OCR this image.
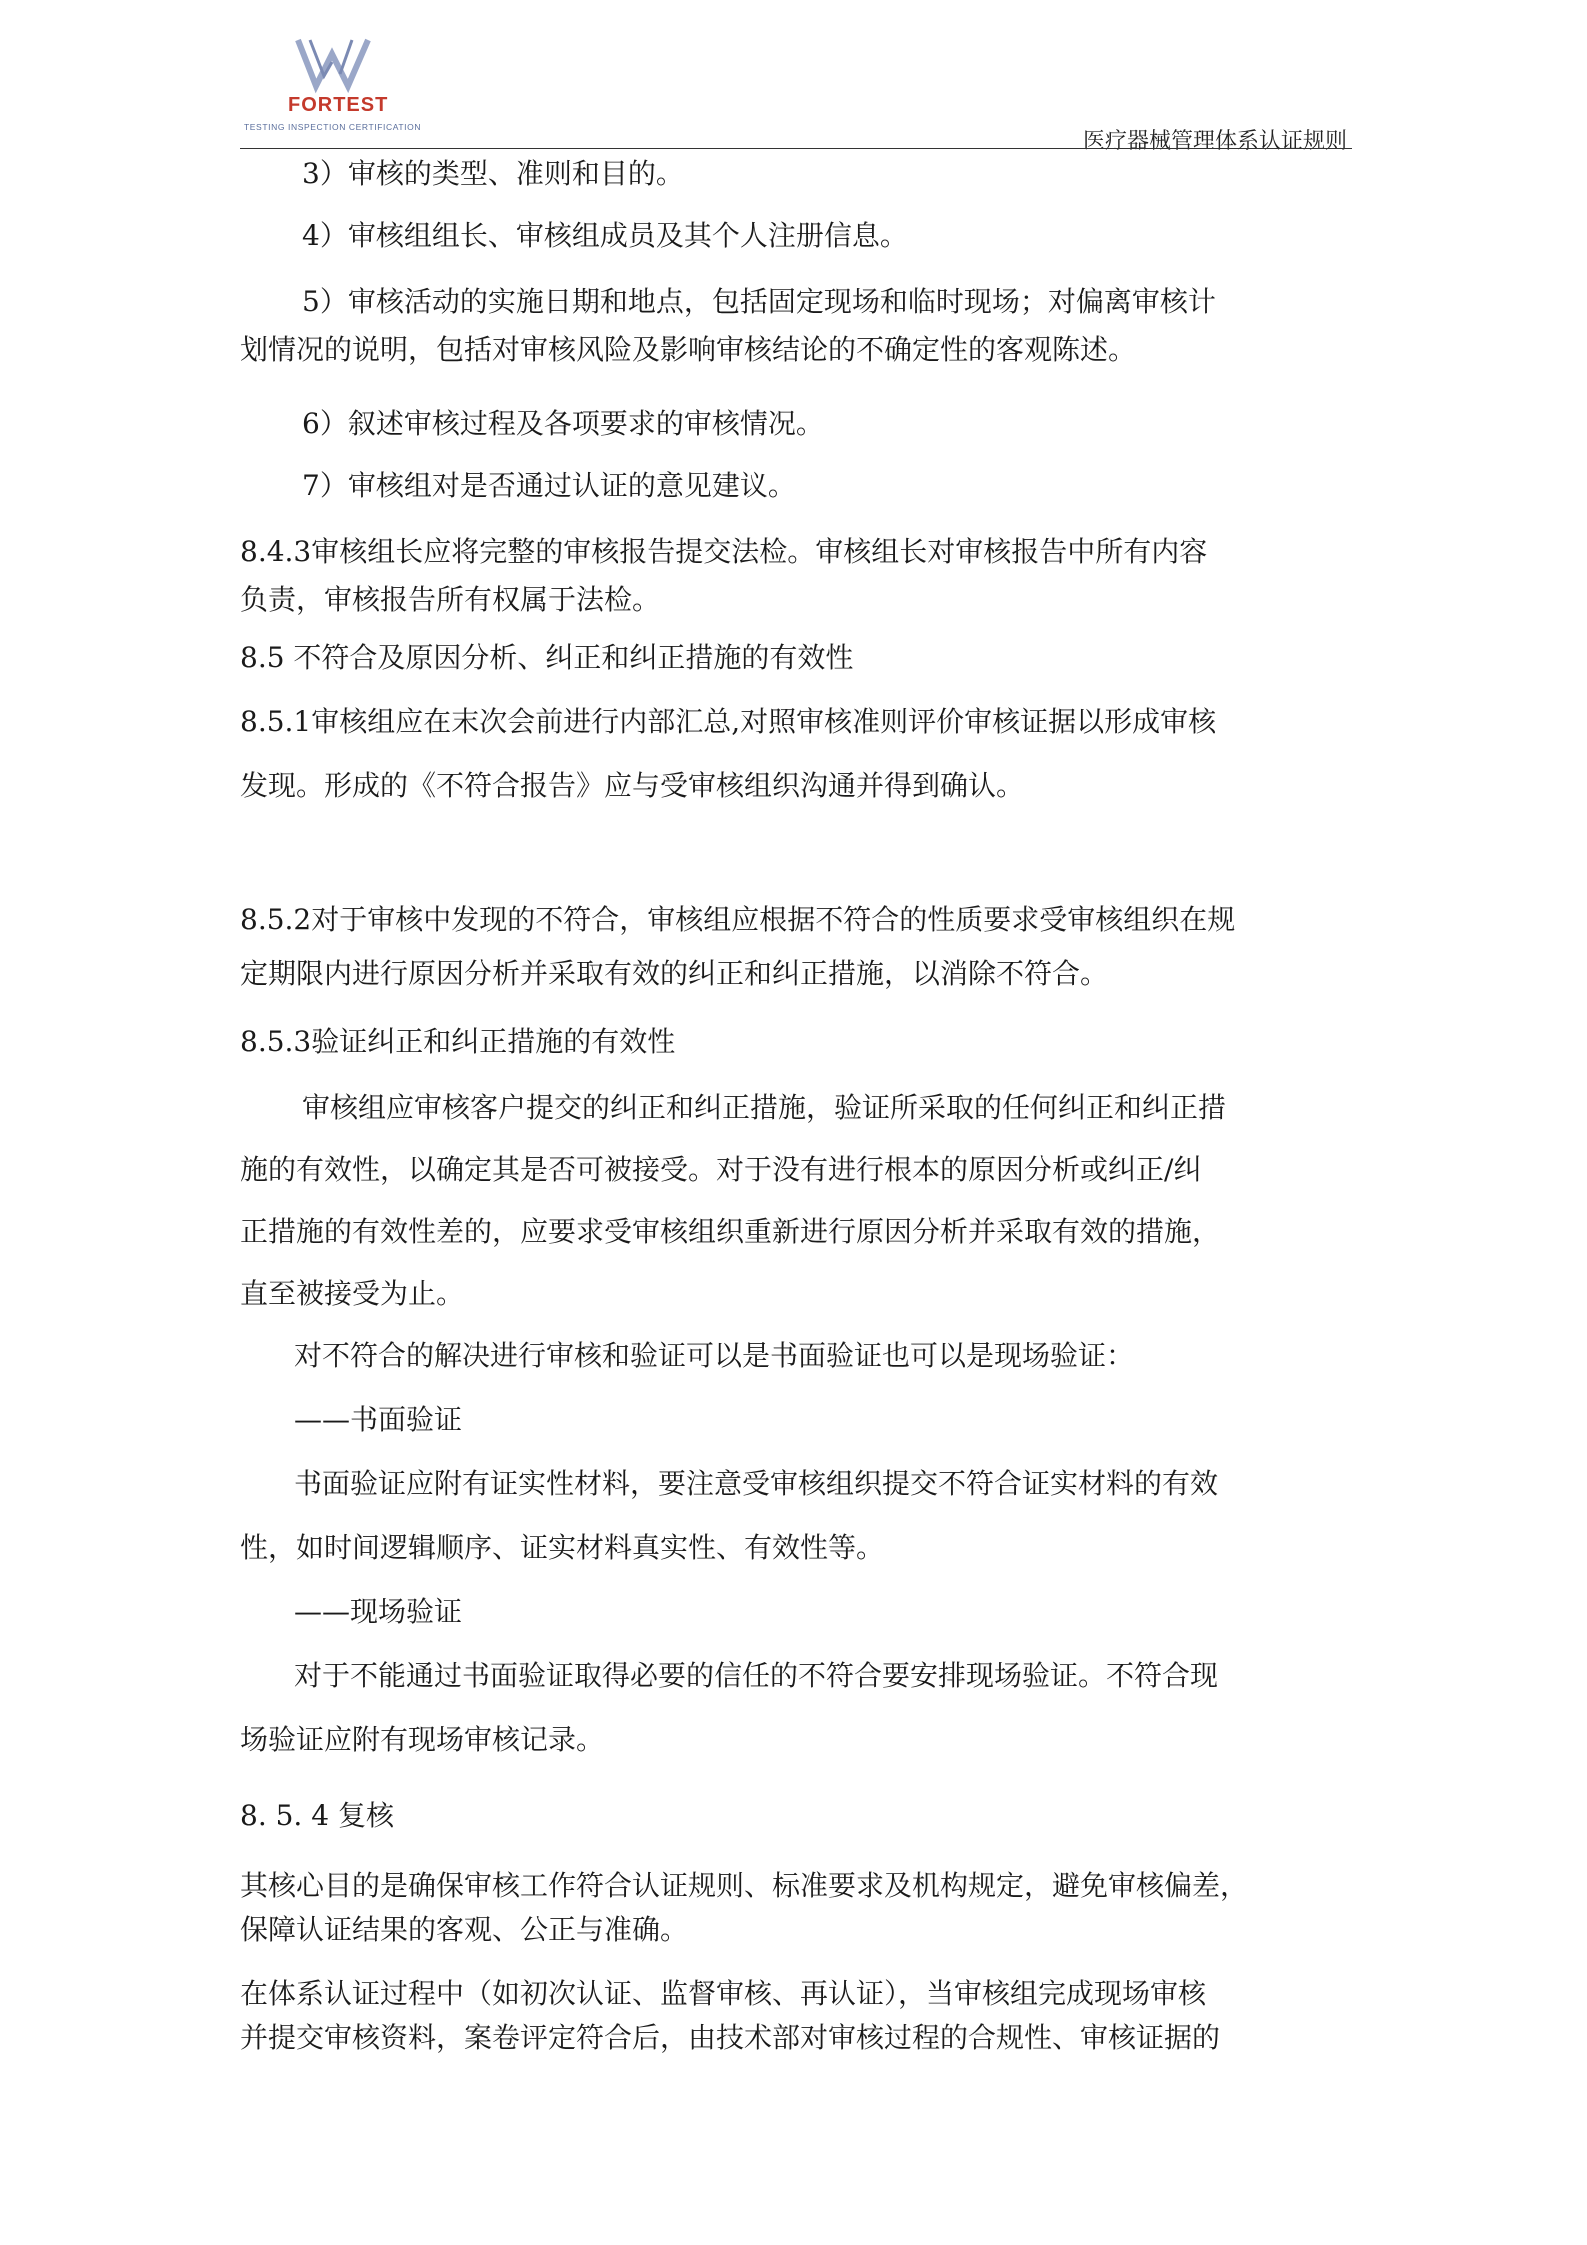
FORTEST
TESTING INSPECTION CERTIFICATION
医疗器械管理体系认证规则
3）审核的类型、准则和目的。
4）审核组组长、审核组成员及其个人注册信息。
5）审核活动的实施日期和地点，包括固定现场和临时现场；对偏离审核计
划情况的说明，包括对审核风险及影响审核结论的不确定性的客观陈述。
6）叙述审核过程及各项要求的审核情况。
7）审核组对是否通过认证的意见建议。
8.4.3审核组长应将完整的审核报告提交法检。审核组长对审核报告中所有内容
负责，审核报告所有权属于法检。
8.5 不符合及原因分析、纠正和纠正措施的有效性
8.5.1审核组应在末次会前进行内部汇总,对照审核准则评价审核证据以形成审核
发现。形成的《不符合报告》应与受审核组织沟通并得到确认。
8.5.2对于审核中发现的不符合，审核组应根据不符合的性质要求受审核组织在规
定期限内进行原因分析并采取有效的纠正和纠正措施，以消除不符合。
8.5.3验证纠正和纠正措施的有效性
审核组应审核客户提交的纠正和纠正措施，验证所采取的任何纠正和纠正措
施的有效性，以确定其是否可被接受。对于没有进行根本的原因分析或纠正/纠
正措施的有效性差的，应要求受审核组织重新进行原因分析并采取有效的措施，
直至被接受为止。
对不符合的解决进行审核和验证可以是书面验证也可以是现场验证：
——书面验证
书面验证应附有证实性材料，要注意受审核组织提交不符合证实材料的有效
性，如时间逻辑顺序、证实材料真实性、有效性等。
——现场验证
对于不能通过书面验证取得必要的信任的不符合要安排现场验证。不符合现
场验证应附有现场审核记录。
8. 5. 4 复核
其核心目的是确保审核工作符合认证规则、标准要求及机构规定，避免审核偏差，
保障认证结果的客观、公正与准确。
在体系认证过程中（如初次认证、监督审核、再认证），当审核组完成现场审核
并提交审核资料，案卷评定符合后，由技术部对审核过程的合规性、审核证据的
